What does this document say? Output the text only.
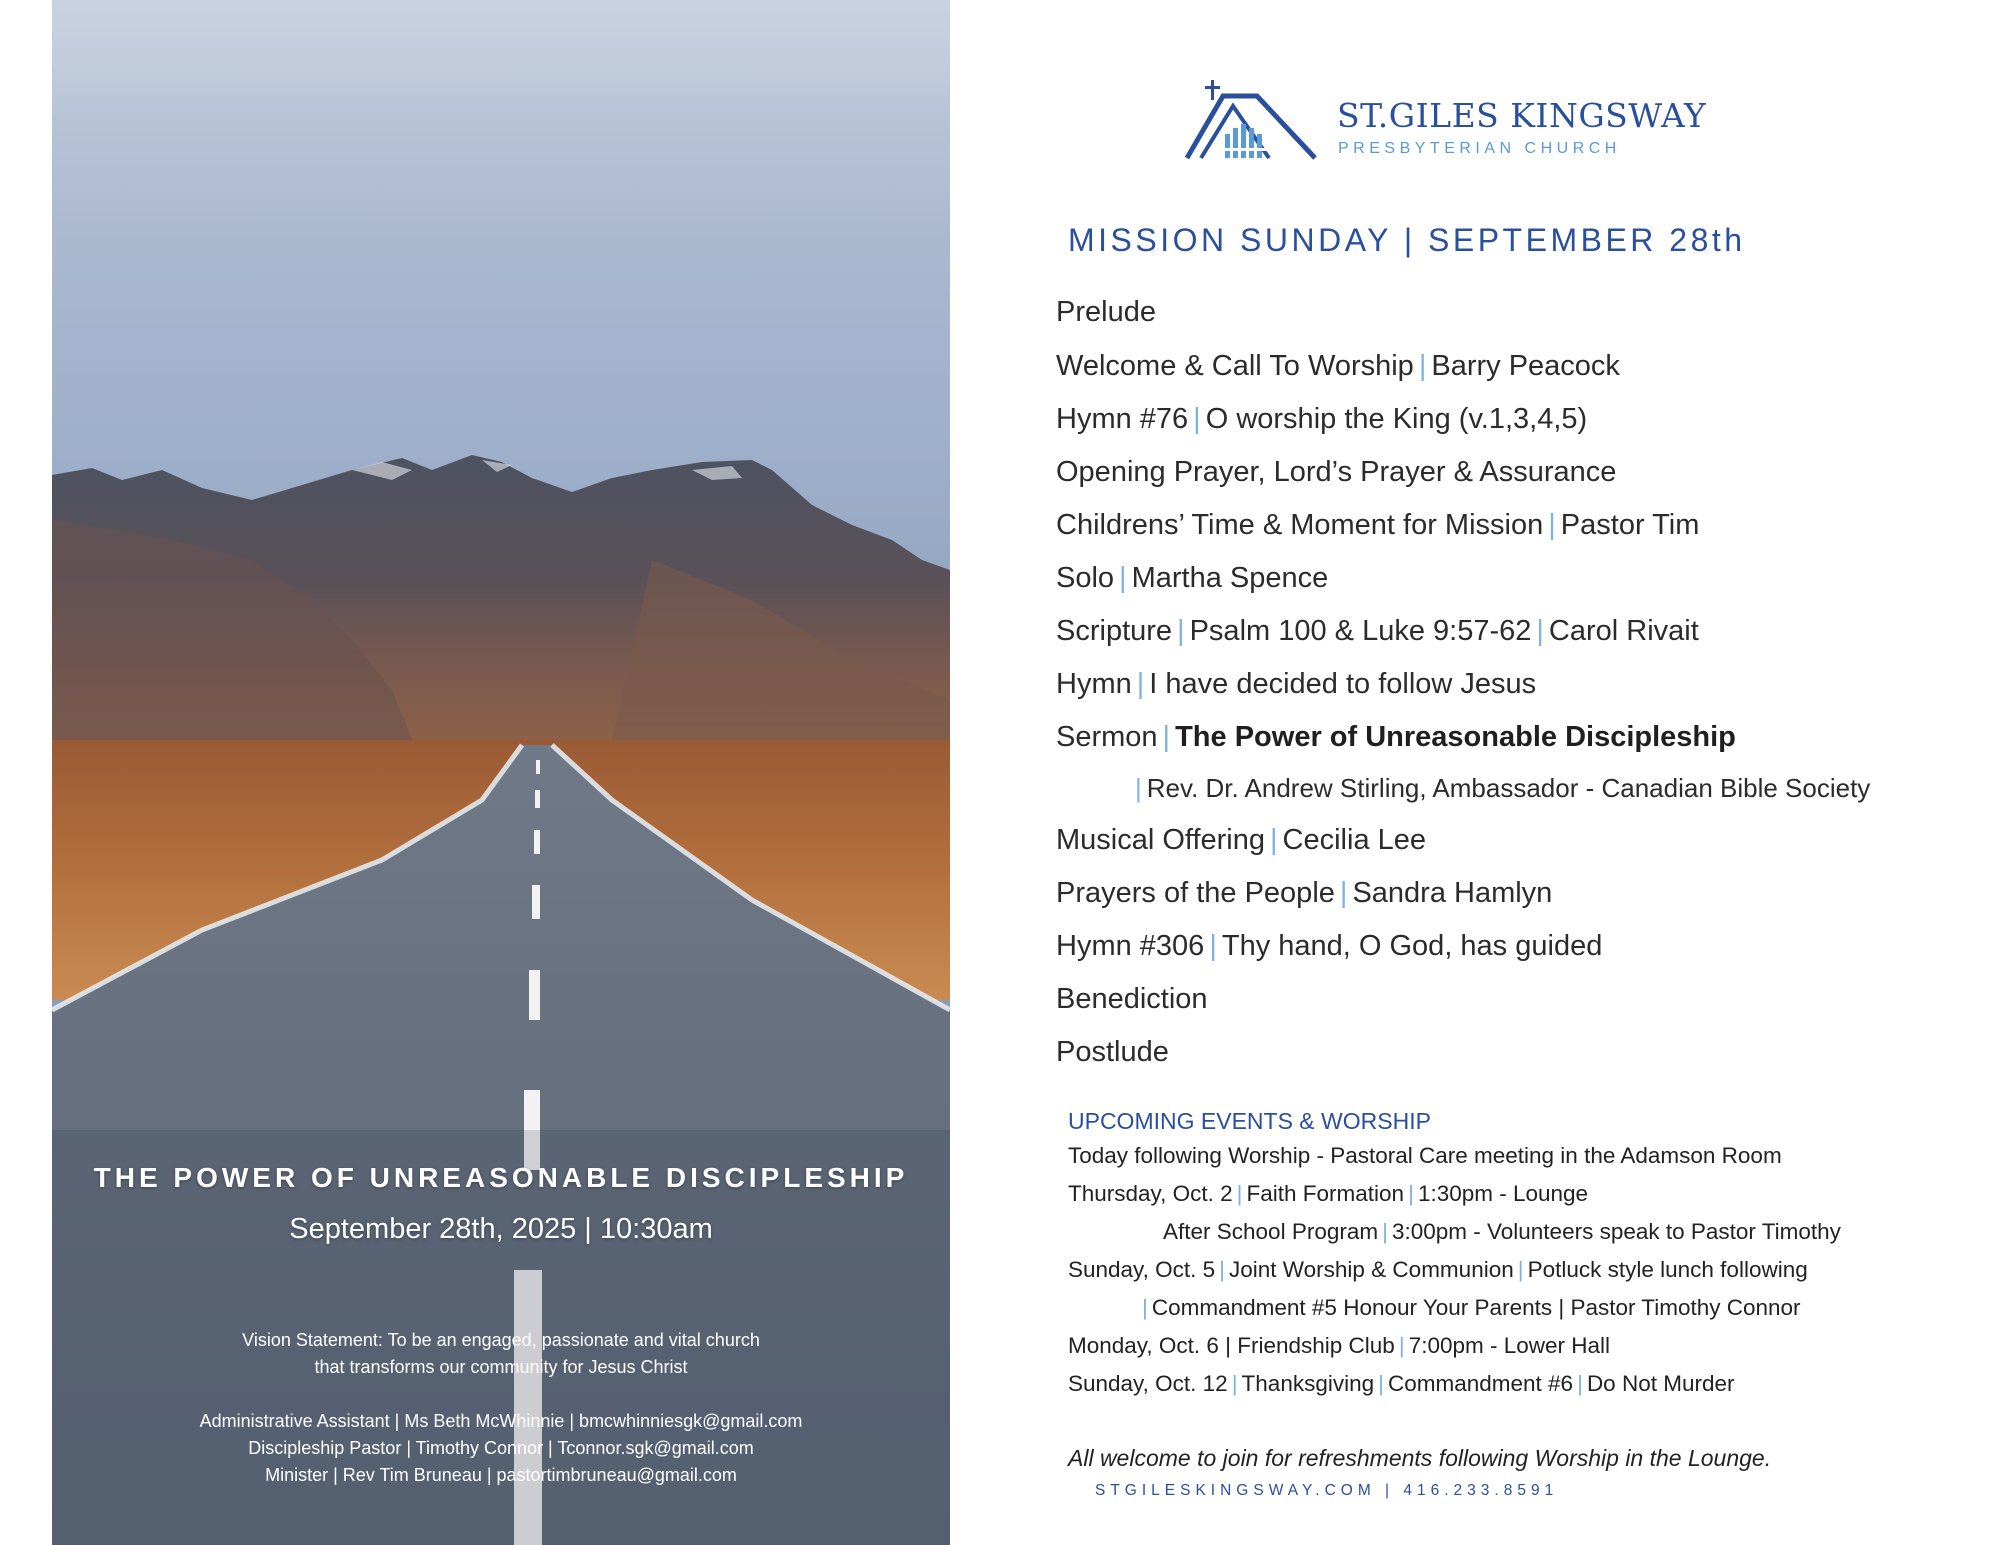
THE POWER OF UNREASONABLE DISCIPLESHIP
September 28th, 2025 | 10:30am
Vision Statement: To be an engaged, passionate and vital church
that transforms our community for Jesus Christ
Administrative Assistant | Ms Beth McWhinnie | bmcwhinniesgk@gmail.com
Discipleship Pastor | Timothy Connor | Tconnor.sgk@gmail.com
Minister | Rev Tim Bruneau | pastortimbruneau@gmail.com
ST.GILES KINGSWAY
PRESBYTERIAN CHURCH
MISSION SUNDAY | SEPTEMBER 28th
Prelude
Welcome & Call To Worship | Barry Peacock
Hymn #76 | O worship the King (v.1,3,4,5)
Opening Prayer, Lord’s Prayer & Assurance
Childrens’ Time & Moment for Mission | Pastor Tim
Solo | Martha Spence
Scripture | Psalm 100 & Luke 9:57-62 | Carol Rivait
Hymn | I have decided to follow Jesus
Sermon | The Power of Unreasonable Discipleship
| Rev. Dr. Andrew Stirling, Ambassador - Canadian Bible Society
Musical Offering | Cecilia Lee
Prayers of the People | Sandra Hamlyn
Hymn #306 | Thy hand, O God, has guided
Benediction
Postlude
UPCOMING EVENTS & WORSHIP
Today following Worship - Pastoral Care meeting in the Adamson Room
Thursday, Oct. 2 | Faith Formation | 1:30pm - Lounge
After School Program | 3:00pm - Volunteers speak to Pastor Timothy
Sunday, Oct. 5 | Joint Worship & Communion | Potluck style lunch following
| Commandment #5 Honour Your Parents | Pastor Timothy Connor
Monday, Oct. 6 | Friendship Club | 7:00pm - Lower Hall
Sunday, Oct. 12 | Thanksgiving | Commandment #6 | Do Not Murder
All welcome to join for refreshments following Worship in the Lounge.
STGILESKINGSWAY.COM | 416.233.8591
